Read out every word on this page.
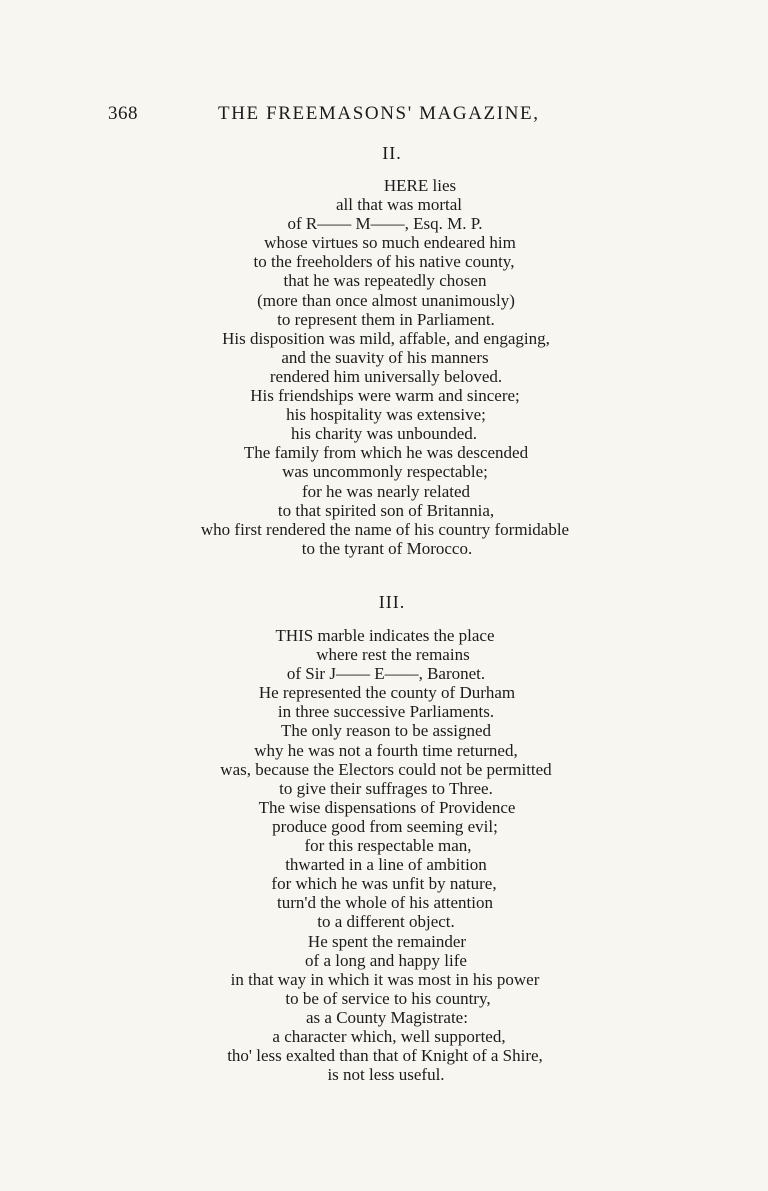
368	THE FREEMASONS' MAGAZINE,
II.
HERE lies
all that was mortal
of R—— M——, Esq. M. P.
whose virtues so much endeared him
to the freeholders of his native county,
that he was repeatedly chosen
(more than once almost unanimously)
to represent them in Parliament.
His disposition was mild, affable, and engaging,
and the suavity of his manners
rendered him universally beloved.
His friendships were warm and sincere;
his hospitality was extensive;
his charity was unbounded.
The family from which he was descended
was uncommonly respectable;
for he was nearly related
to that spirited son of Britannia,
who first rendered the name of his country formidable
to the tyrant of Morocco.
III.
THIS marble indicates the place
where rest the remains
of Sir J—— E——, Baronet.
He represented the county of Durham
in three successive Parliaments.
The only reason to be assigned
why he was not a fourth time returned,
was, because the Electors could not be permitted
to give their suffrages to Three.
The wise dispensations of Providence
produce good from seeming evil;
for this respectable man,
thwarted in a line of ambition
for which he was unfit by nature,
turn'd the whole of his attention
to a different object.
He spent the remainder
of a long and happy life
in that way in which it was most in his power
to be of service to his country,
as a County Magistrate:
a character which, well supported,
tho' less exalted than that of Knight of a Shire,
is not less useful.
